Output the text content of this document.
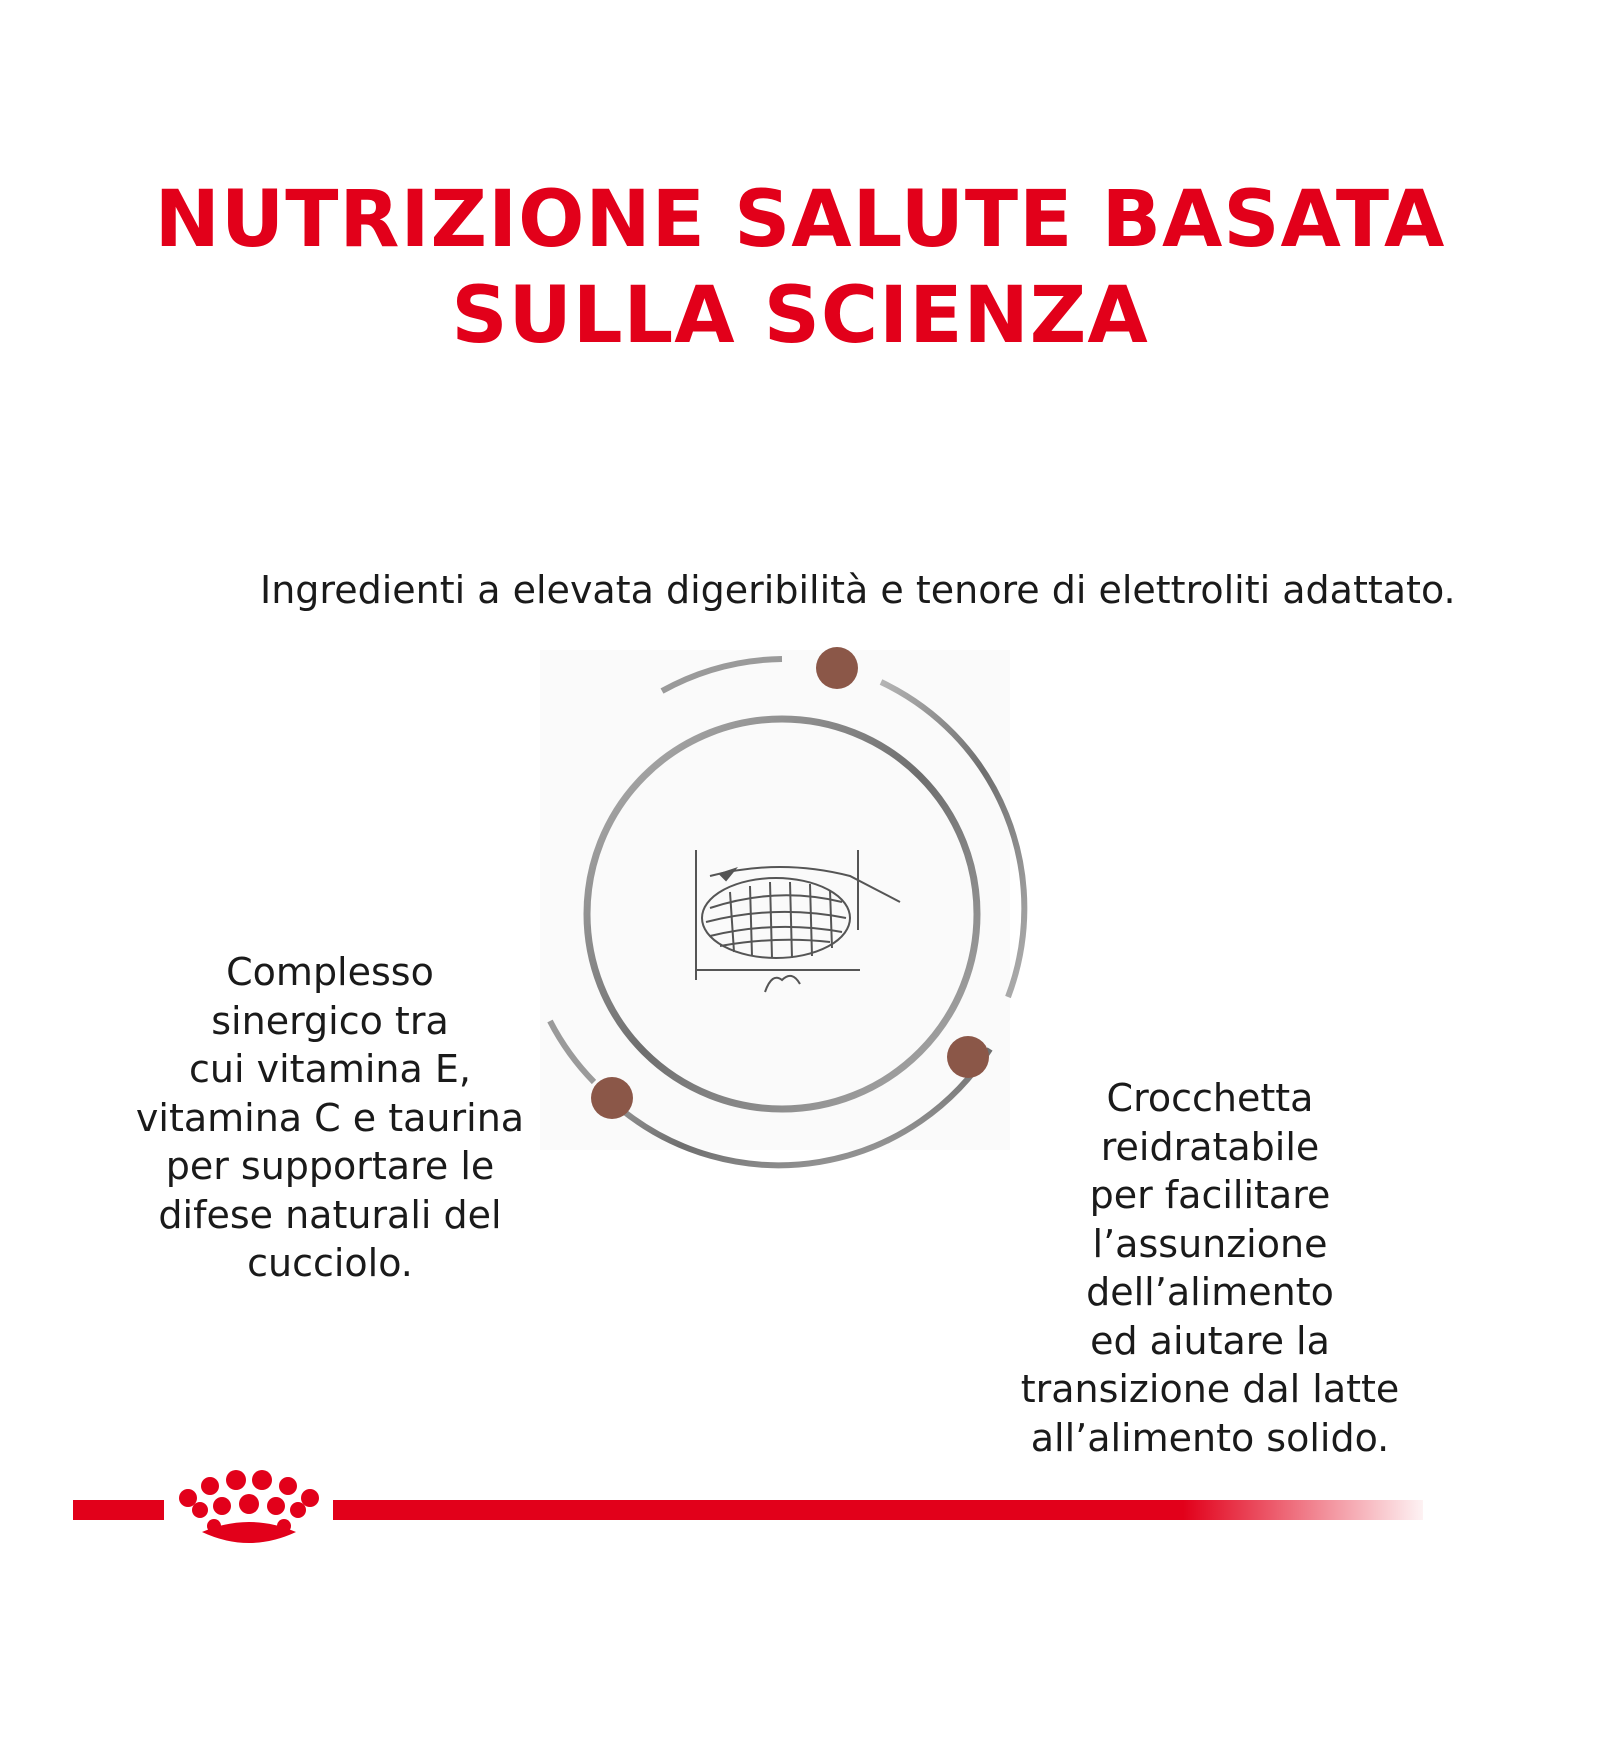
NUTRIZIONE SALUTE BASATA
SULLA SCIENZA

Ingredienti a elevata digeribilità e tenore di elettroliti adattato.

Complesso
sinergico tra
cui vitamina E,
vitamina C e taurina
per supportare le
difese naturali del
cucciolo.

Crocchetta
reidratabile
per facilitare
l’assunzione
dell’alimento
ed aiutare la
transizione dal latte
all’alimento solido.
